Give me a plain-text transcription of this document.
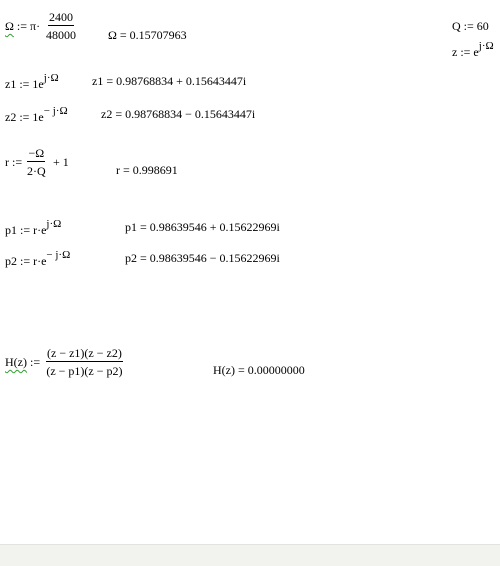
Ω := $\pi\cdot \frac{2400}{48000}$	Ω = 0.15707963
Q := 60
z := $e^{j\cdot\Omega}$
z1 := $1e^{j\cdot\Omega}$	z1 = 0.98768834 + 0.15643447i
z2 := $1e^{- j\cdot\Omega}$	z2 = 0.98768834 − 0.15643447i
r := $\frac{-\Omega}{2\cdot Q} + 1$
r = 0.998691
p1 := $r\cdot e^{j\cdot\Omega}$	p1 = 0.98639546 + 0.15622969i
p2 := $r\cdot e^{- j\cdot\Omega}$	p2 = 0.98639546 − 0.15622969i
H(z) := $\frac{(z - z1)(z - z2)}{(z - p1)(z - p2)}$	H(z) = 0.00000000
